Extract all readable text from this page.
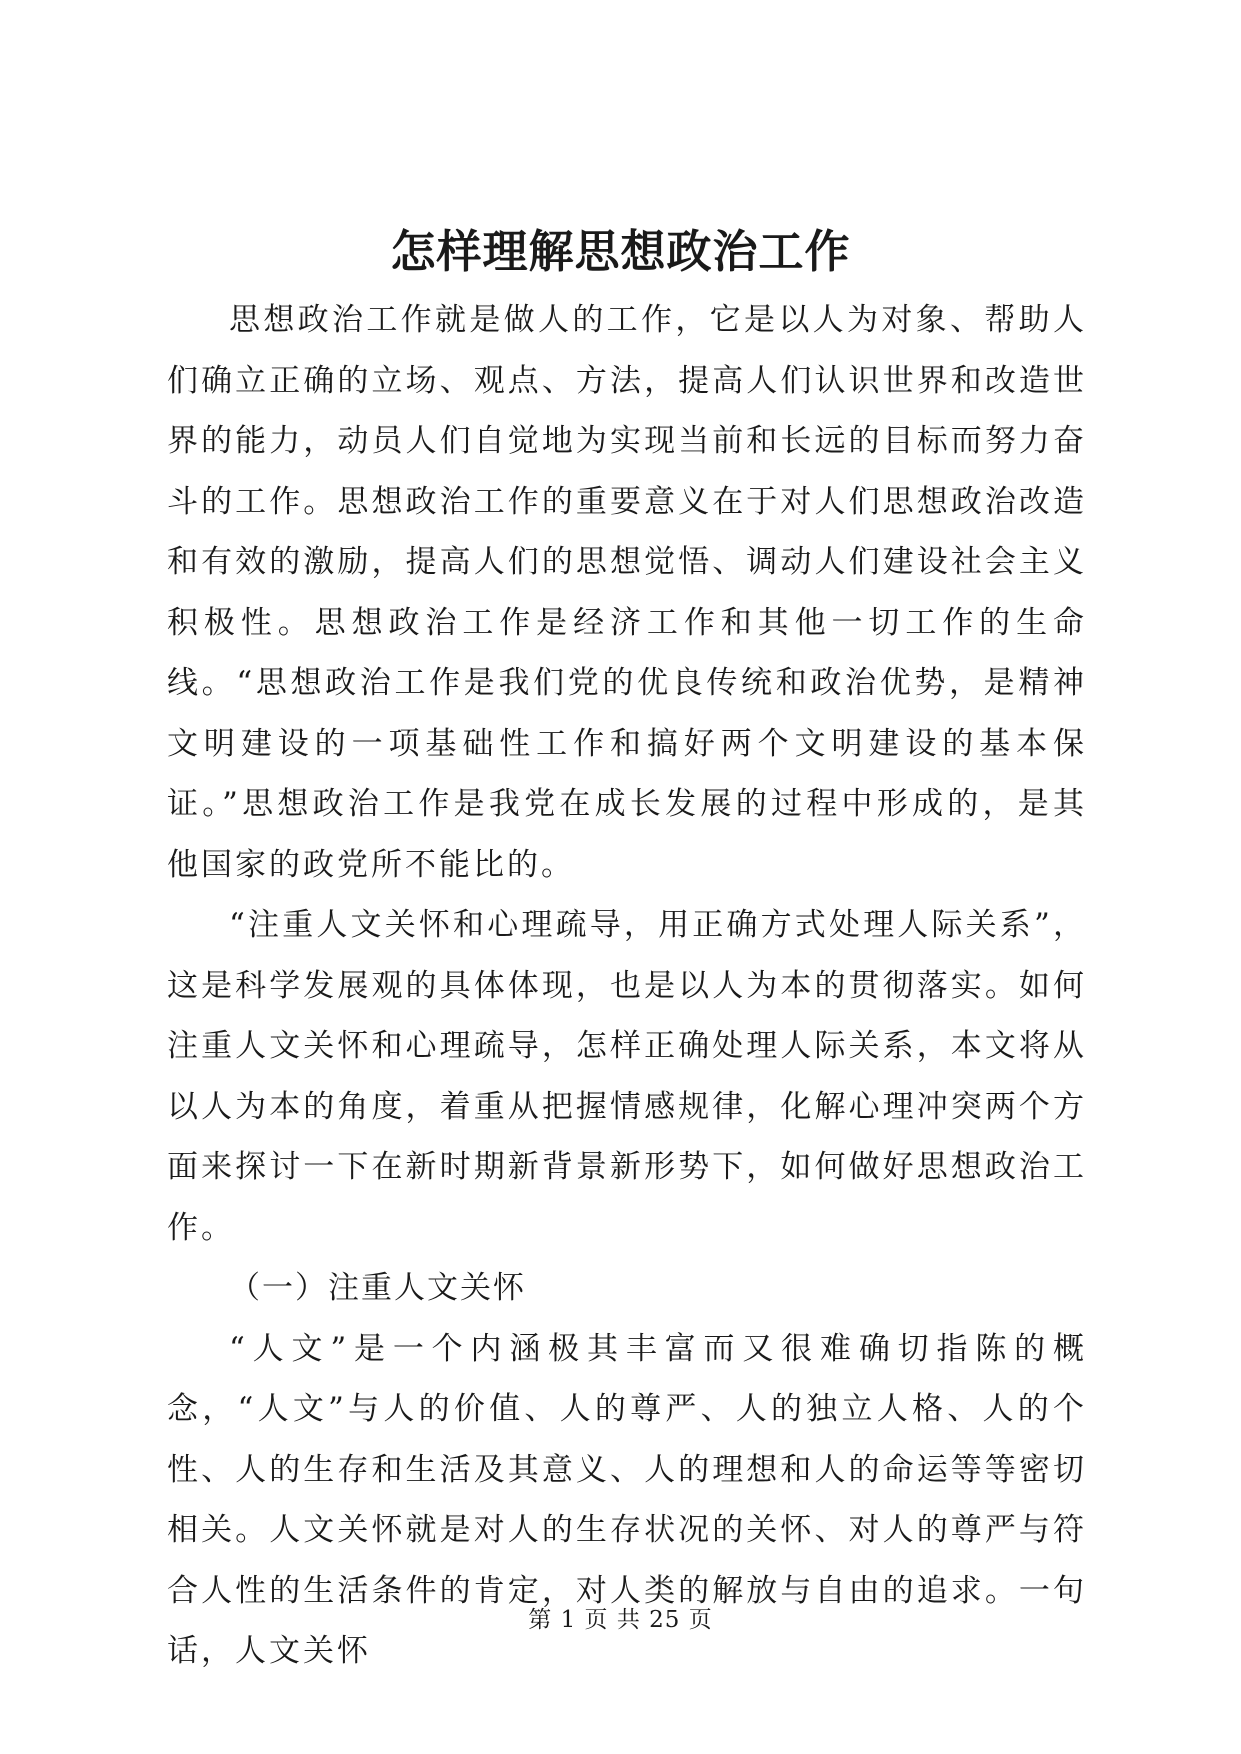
怎样理解思想政治工作

思想政治工作就是做人的工作，它是以人为对象、帮助人们确立正确的立场、观点、方法，提高人们认识世界和改造世界的能力，动员人们自觉地为实现当前和长远的目标而努力奋斗的工作。思想政治工作的重要意义在于对人们思想政治改造和有效的激励，提高人们的思想觉悟、调动人们建设社会主义积极性。思想政治工作是经济工作和其他一切工作的生命线。“思想政治工作是我们党的优良传统和政治优势，是精神文明建设的一项基础性工作和搞好两个文明建设的基本保证。”思想政治工作是我党在成长发展的过程中形成的，是其他国家的政党所不能比的。

“注重人文关怀和心理疏导，用正确方式处理人际关系”，这是科学发展观的具体体现，也是以人为本的贯彻落实。如何注重人文关怀和心理疏导，怎样正确处理人际关系，本文将从以人为本的角度，着重从把握情感规律，化解心理冲突两个方面来探讨一下在新时期新背景新形势下，如何做好思想政治工作。

（一）注重人文关怀

“人文”是一个内涵极其丰富而又很难确切指陈的概念，“人文”与人的价值、人的尊严、人的独立人格、人的个性、人的生存和生活及其意义、人的理想和人的命运等等密切相关。人文关怀就是对人的生存状况的关怀、对人的尊严与符合人性的生活条件的肯定，对人类的解放与自由的追求。一句话，人文关怀

第 1 页 共 25 页
